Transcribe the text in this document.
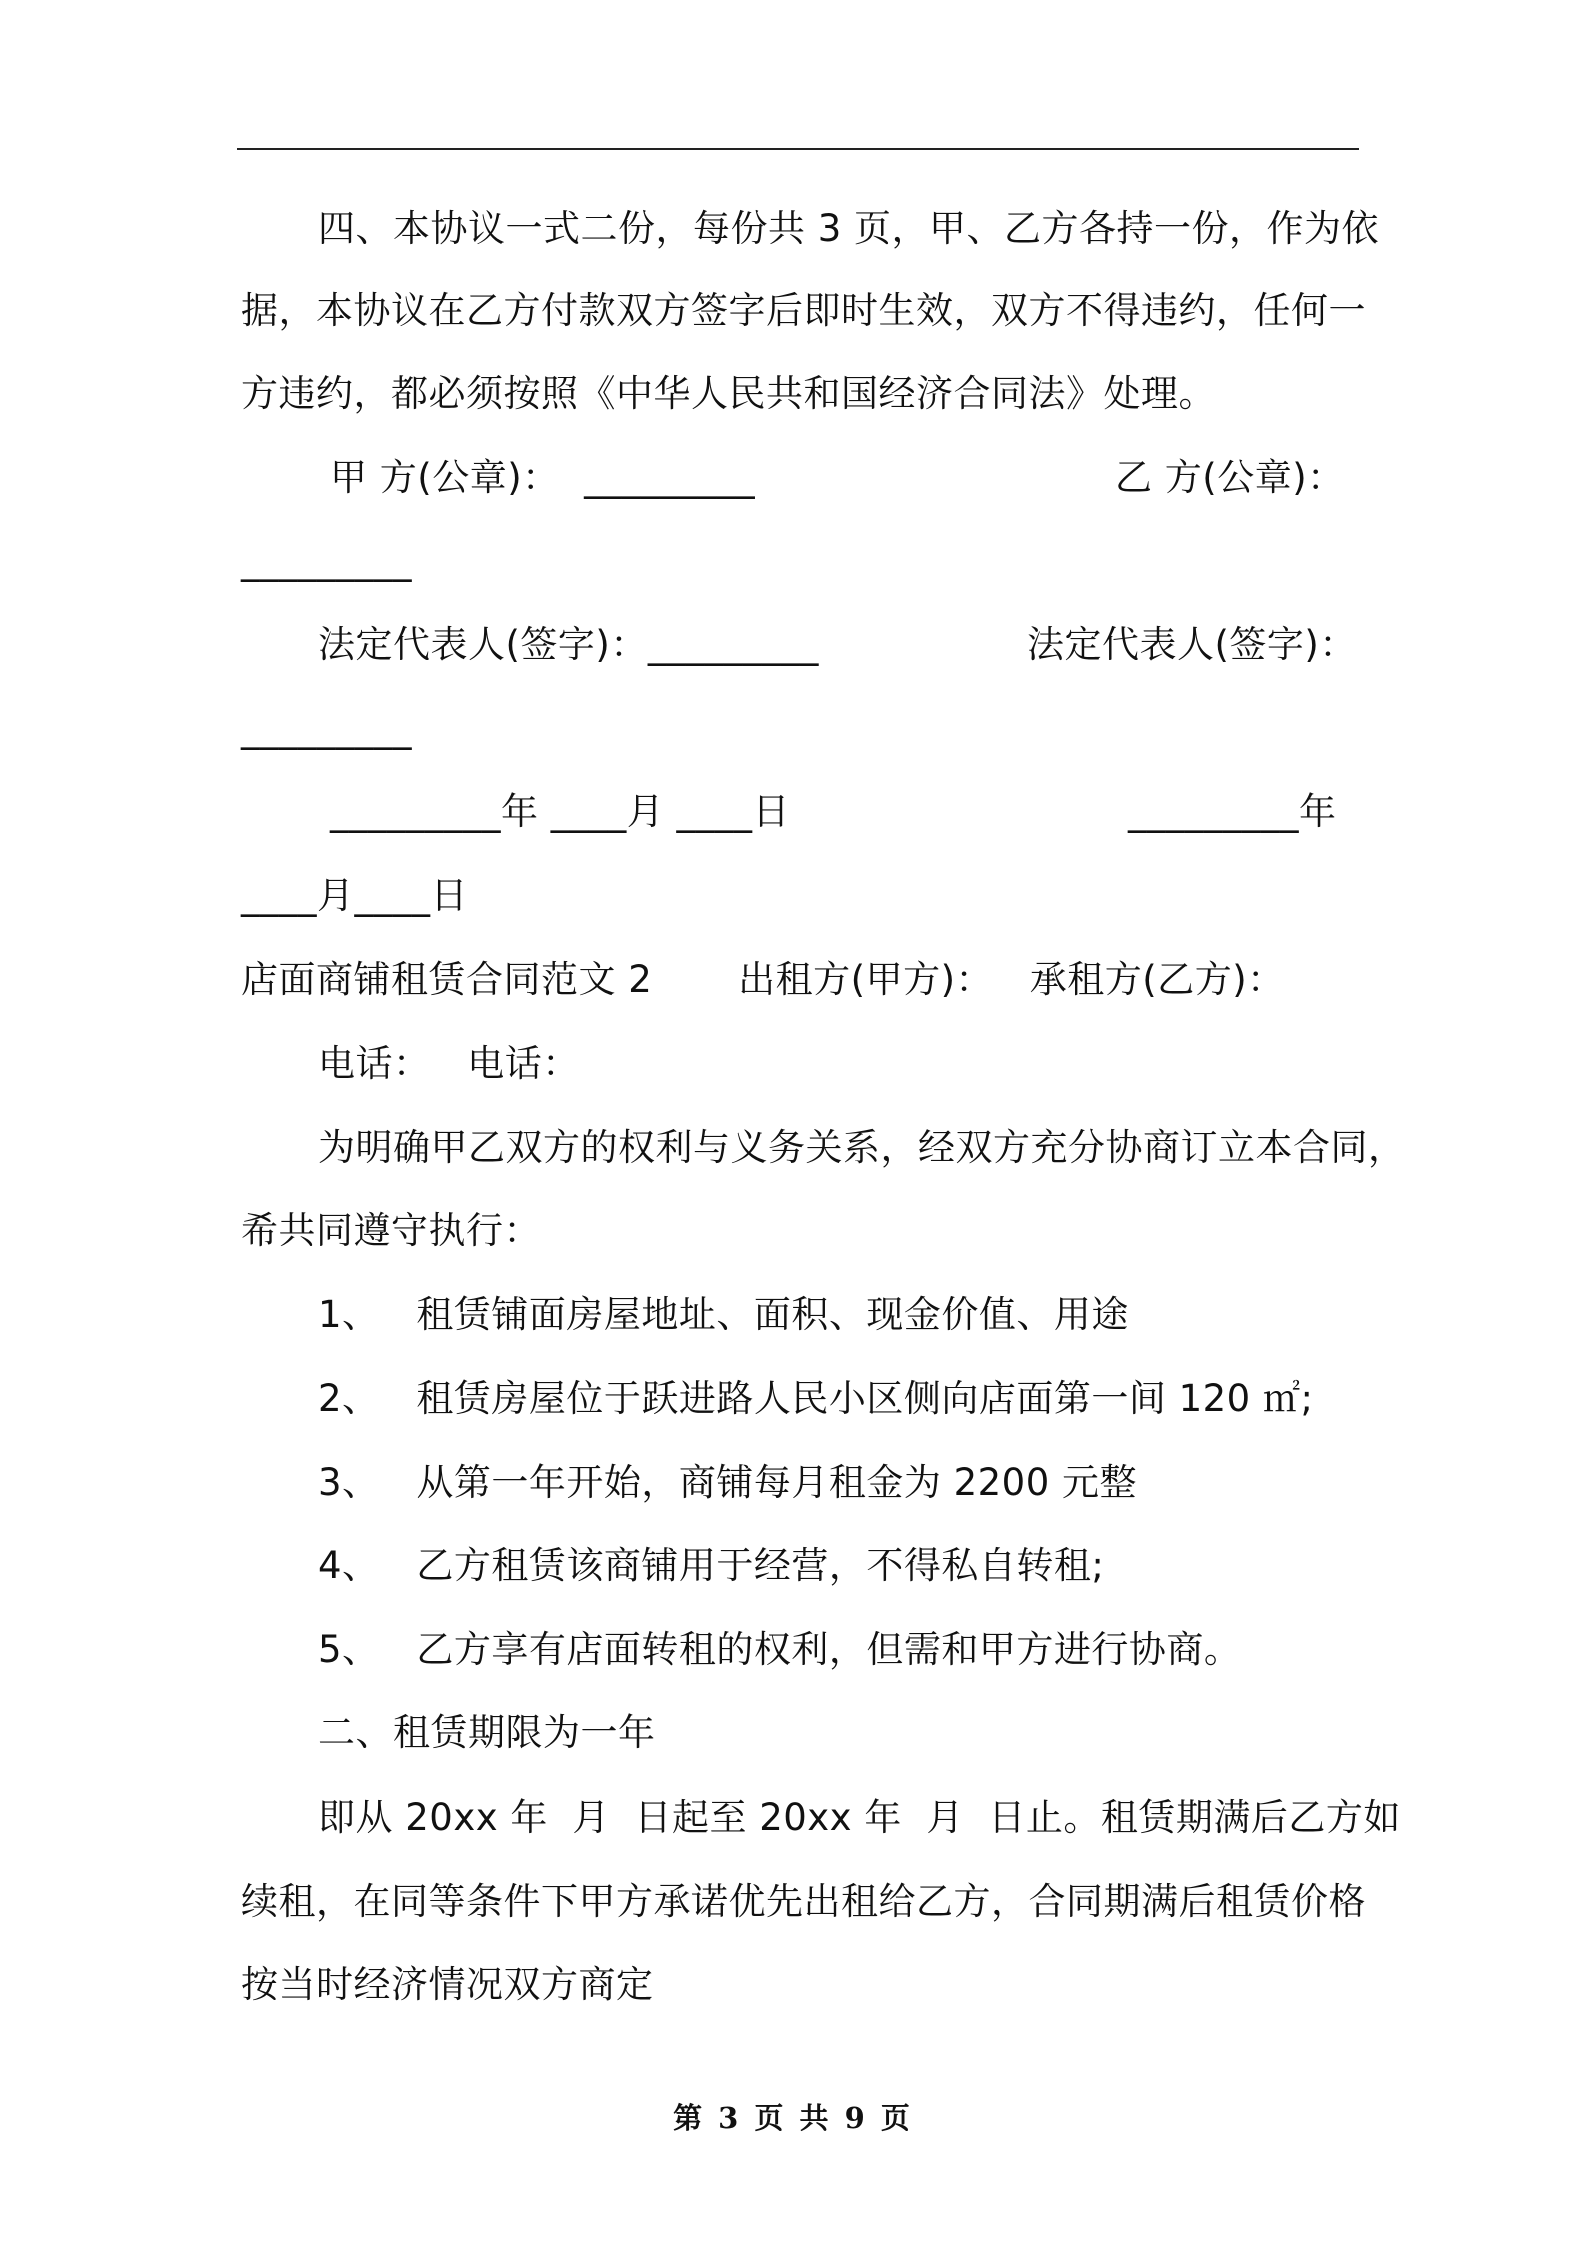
四、本协议一式二份，每份共 3 页，甲、乙方各持一份，作为依
据，本协议在乙方付款双方签字后即时生效，双方不得违约，任何一
方违约，都必须按照《中华人民共和国经济合同法》处理。
甲 方(公章)：  _________	乙 方(公章)：
_________
法定代表人(签字)：_________	法定代表人(签字)：
_________
_________年 ____月 ____日	_________年
____月____日
店面商铺租赁合同范文 2       出租方(甲方)：   承租方(乙方)：
电话：   电话：
为明确甲乙双方的权利与义务关系，经双方充分协商订立本合同，
希共同遵守执行：
1、   租赁铺面房屋地址、面积、现金价值、用途
2、   租赁房屋位于跃进路人民小区侧向店面第一间 120 ㎡;
3、   从第一年开始，商铺每月租金为 2200 元整
4、   乙方租赁该商铺用于经营，不得私自转租;
5、   乙方享有店面转租的权利，但需和甲方进行协商。
二、租赁期限为一年
即从 20xx 年  月  日起至 20xx 年  月  日止。租赁期满后乙方如
续租，在同等条件下甲方承诺优先出租给乙方，合同期满后租赁价格
按当时经济情况双方商定
第 3 页 共 9 页
